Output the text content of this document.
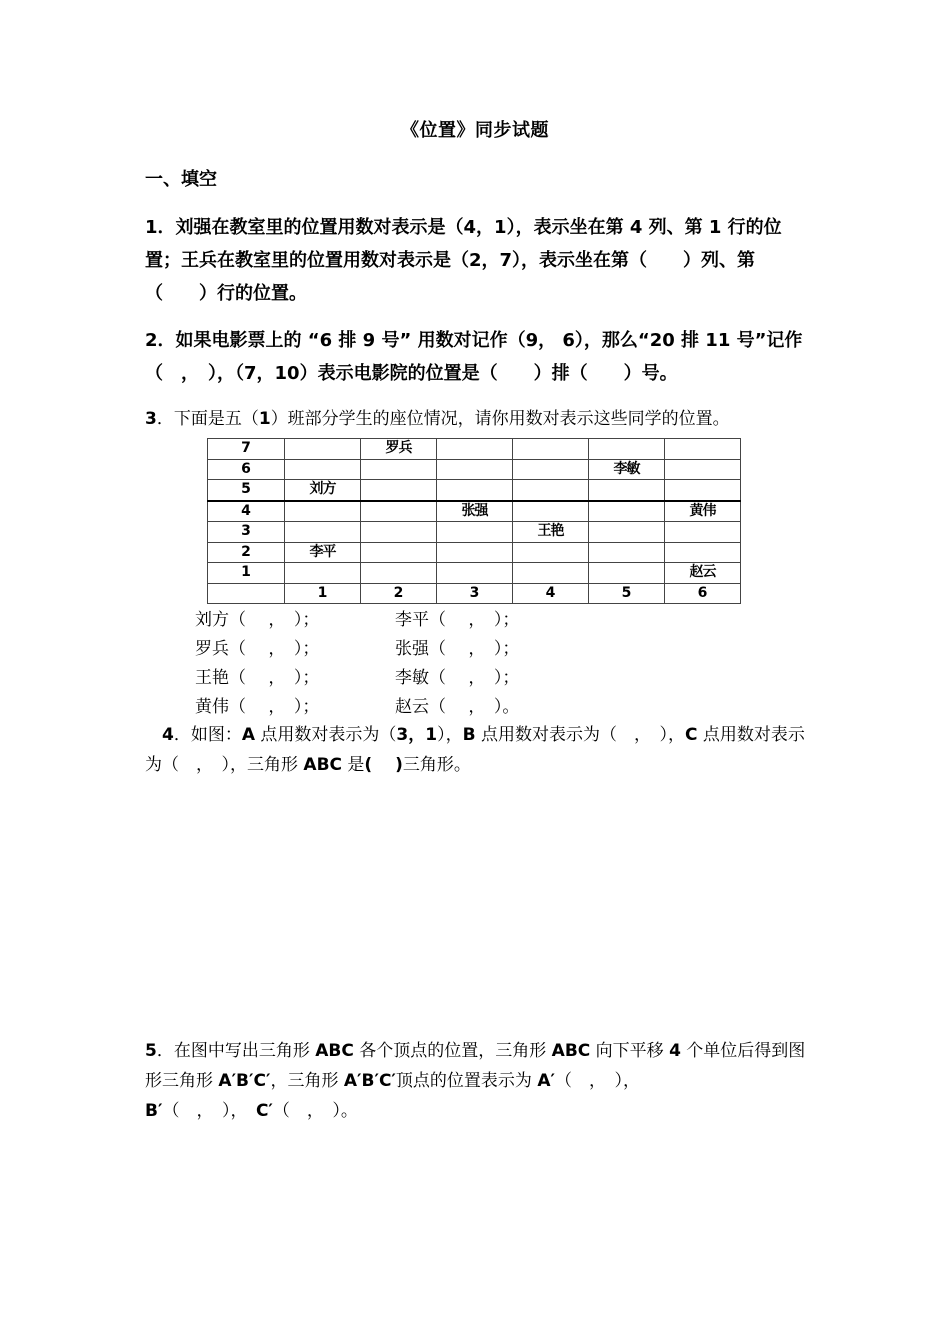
《位置》同步试题
一、填空
1．刘强在教室里的位置用数对表示是（4，1），表示坐在第 4 列、第 1 行的位置；王兵在教室里的位置用数对表示是（2，7），表示坐在第（　　）列、第（　　）行的位置。
2．如果电影票上的 “6 排 9 号” 用数对记作（9， 6），那么“20 排 11 号”记作（　，　），（7，10）表示电影院的位置是（　　）排（　　）号。
3．下面是五（1）班部分学生的座位情况，请你用数对表示这些同学的位置。
7		罗兵				
6					李敏	
5	刘方					
4			张强			黄伟
3				王艳		
2	李平					
1						赵云
	1	2	3	4	5	6
刘方（　 ，　）；	李平（　 ，　）；
罗兵（　 ，　）；	张强（　 ，　）；
王艳（　 ，　）；	李敏（　 ，　）；
黄伟（　 ，　）；	赵云（　 ，　）。
　4．如图：A 点用数对表示为（3，1），B 点用数对表示为（　，　），C 点用数对表示为（　，　），三角形 ABC 是(　 )三角形。
5．在图中写出三角形 ABC 各个顶点的位置，三角形 ABC 向下平移 4 个单位后得到图形三角形 A′B′C′，三角形 A′B′C′顶点的位置表示为 A′（　，　），
B′（　，　），　C′（　，　）。
